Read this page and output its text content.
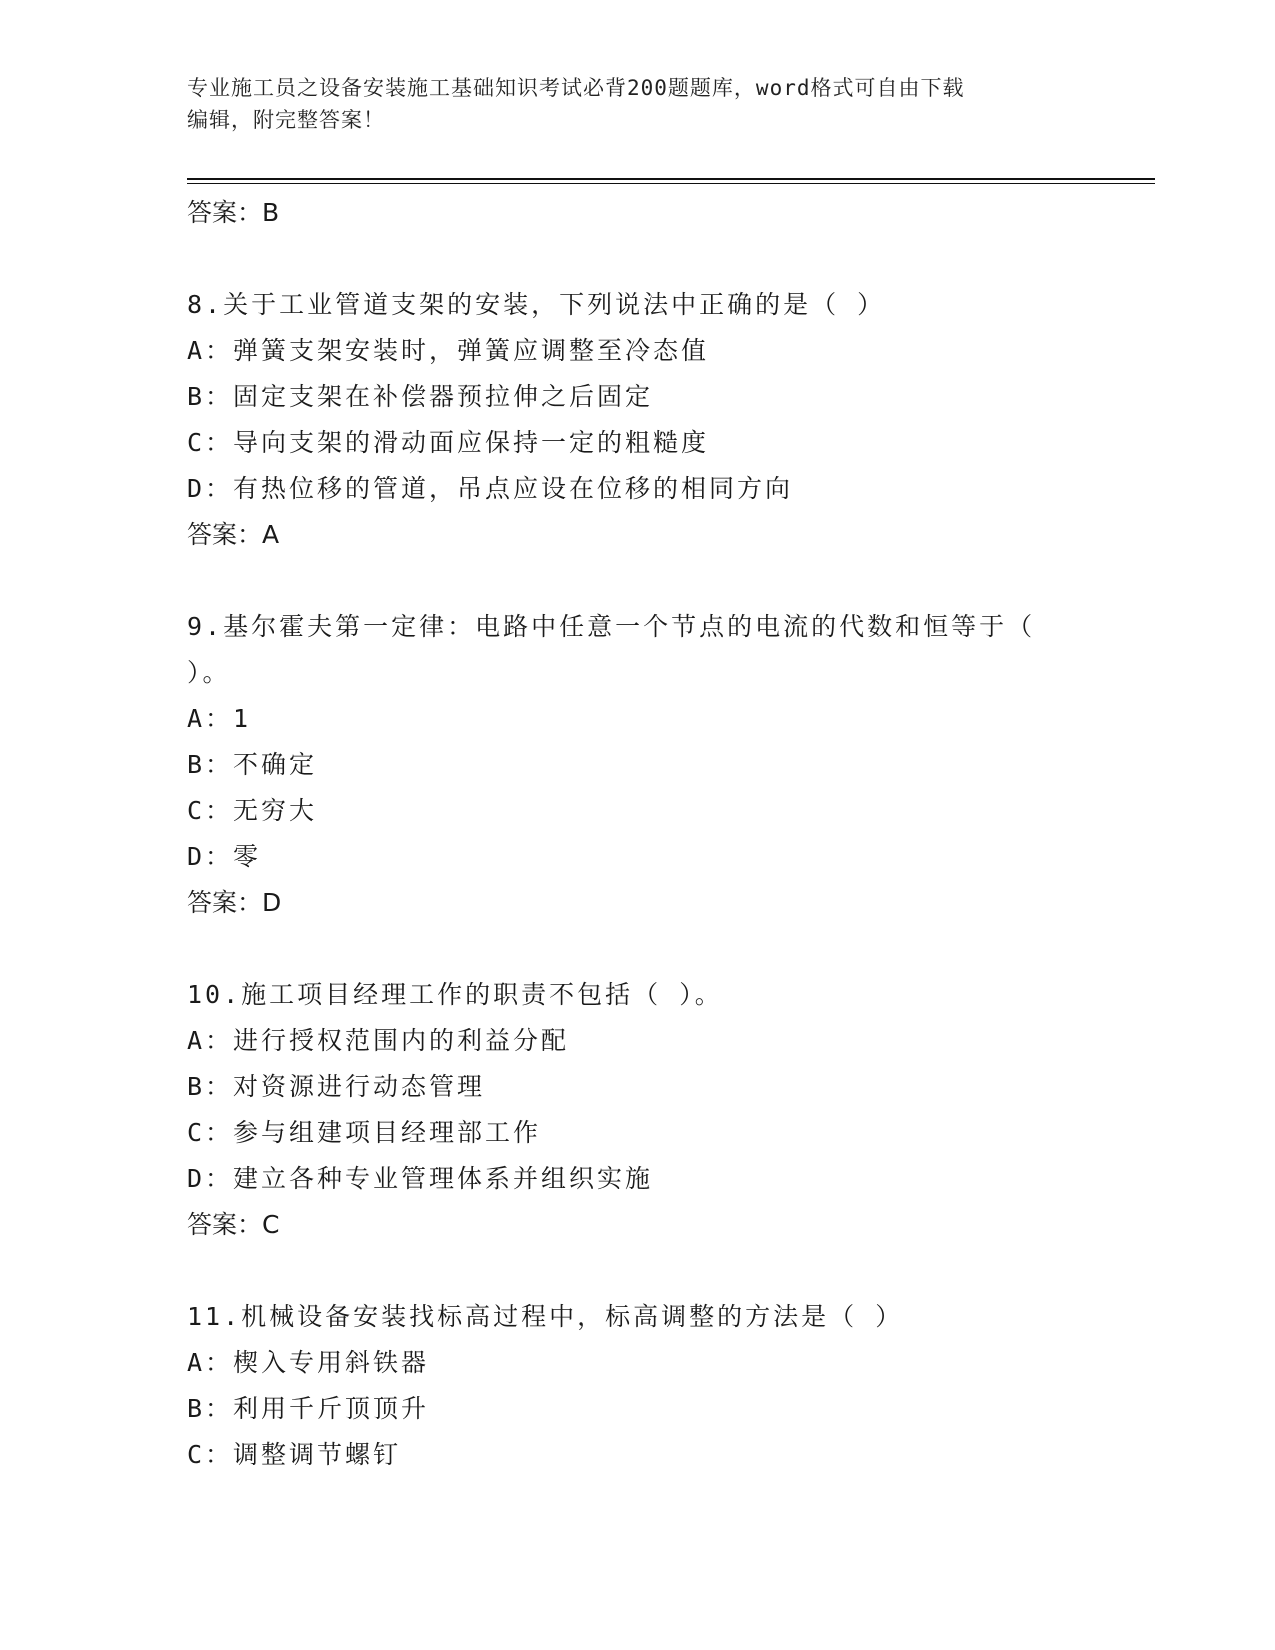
专业施工员之设备安装施工基础知识考试必背200题题库，word格式可自由下载
编辑，附完整答案！

答案：B

8.关于工业管道支架的安装，下列说法中正确的是（ ）

A：弹簧支架安装时，弹簧应调整至冷态值

B：固定支架在补偿器预拉伸之后固定

C：导向支架的滑动面应保持一定的粗糙度

D：有热位移的管道，吊点应设在位移的相同方向

答案：A

9.基尔霍夫第一定律：电路中任意一个节点的电流的代数和恒等于（

）。

A：1

B：不确定

C：无穷大

D：零

答案：D

10.施工项目经理工作的职责不包括（ ）。

A：进行授权范围内的利益分配

B：对资源进行动态管理

C：参与组建项目经理部工作

D：建立各种专业管理体系并组织实施

答案：C

11.机械设备安装找标高过程中，标高调整的方法是（ ）

A：楔入专用斜铁器

B：利用千斤顶顶升

C：调整调节螺钉
